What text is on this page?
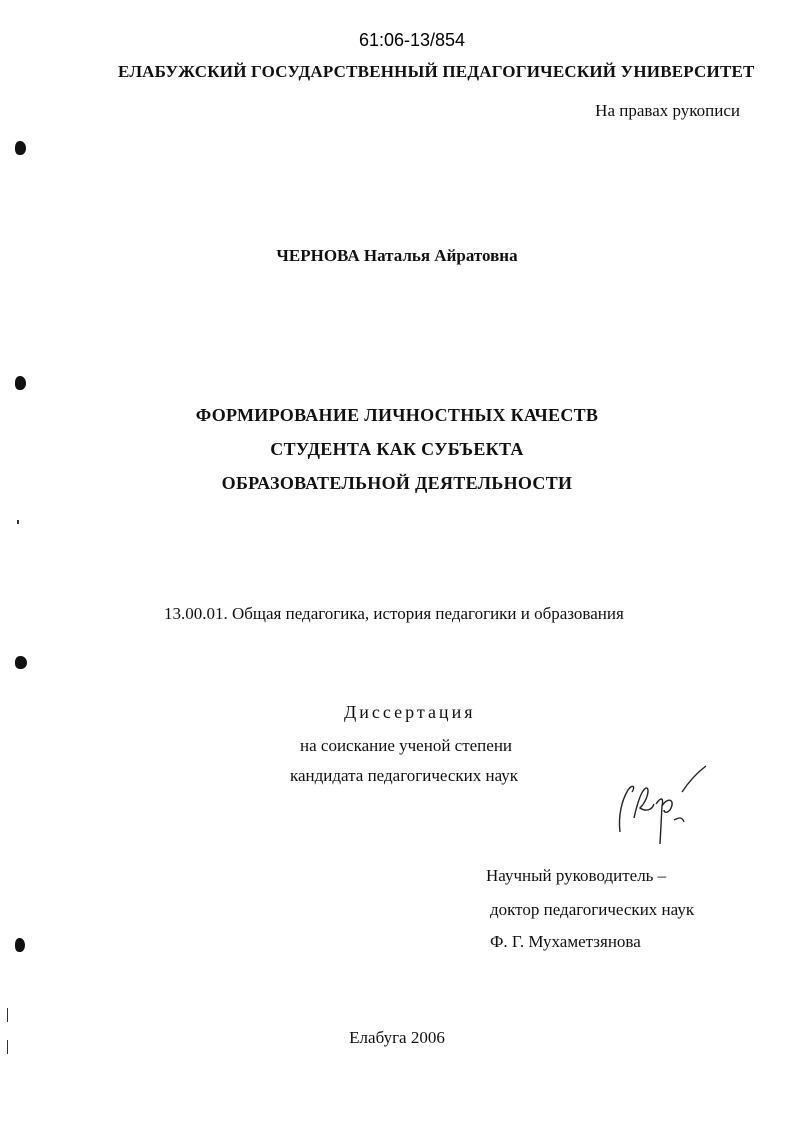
61:06-13/854
ЕЛАБУЖСКИЙ ГОСУДАРСТВЕННЫЙ ПЕДАГОГИЧЕСКИЙ УНИВЕРСИТЕТ
На правах рукописи
ЧЕРНОВА Наталья Айратовна
ФОРМИРОВАНИЕ ЛИЧНОСТНЫХ КАЧЕСТВ
СТУДЕНТА КАК СУБЪЕКТА
ОБРАЗОВАТЕЛЬНОЙ ДЕЯТЕЛЬНОСТИ
13.00.01. Общая педагогика, история педагогики и образования
Диссертация
на соискание ученой степени
кандидата педагогических наук
Научный руководитель –
доктор педагогических наук
Ф. Г. Мухаметзянова
Елабуга 2006
